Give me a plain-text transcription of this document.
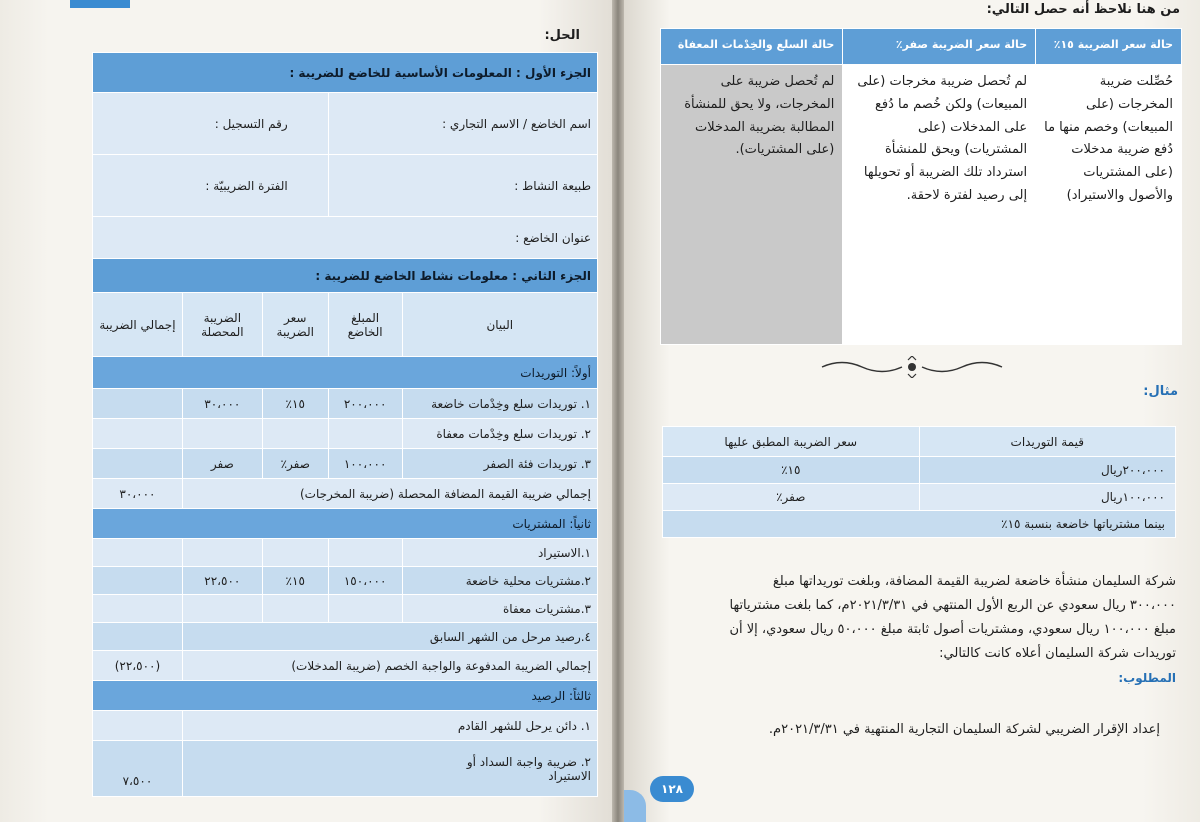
الحل:
الجزء الأول : المعلومات الأساسية للخاضع للضريبة :				
اسم الخاضع / الاسم التجاري :		رقم التسجيل :		
طبيعة النشاط :		الفترة الضريبيّة :		
عنوان الخاضع :				
الجزء الثاني : معلومات نشاط الخاضع للضريبة :				
البيان	المبلغ الخاضع	سعر الضريبة	الضريبة المحصلة	إجمالي الضريبة
أولاً: التوريدات				
١. توريدات سلع وخِدْمات خاضعة	٢٠٠،٠٠٠	١٥٪	٣٠،٠٠٠	
٢. توريدات سلع وخِدْمات معفاة				
٣. توريدات فئة الصفر	١٠٠،٠٠٠	صفر٪	صفر	
إجمالي ضريبة القيمة المضافة المحصلة (ضريبة المخرجات)				٣٠،٠٠٠
ثانياً: المشتريات				
١.الاستيراد				
٢.مشتريات محلية خاضعة	١٥٠،٠٠٠	١٥٪	٢٢،٥٠٠	
٣.مشتريات معفاة				
٤.رصيد مرحل من الشهر السابق				
إجمالي الضريبة المدفوعة والواجبة الخصم (ضريبة المدخلات)				(٢٢،٥٠٠)
ثالثاً: الرصيد				
١. دائن يرحل للشهر القادم				

٢. ضريبة واجبة السداد أو
الاستيراد				٧،٥٠٠
من هنا نلاحظ أنه حصل التالي:
حالة سعر الضريبة ١٥٪	حالة سعر الضريبة صفر٪	حالة السلع والخِدْمات المعفاة
حُصِّلت ضريبة المخرجات (على المبيعات) وخصم منها ما دُفع ضريبة مدخلات (على المشتريات والأصول والاستيراد)	لم تُحصل ضريبة مخرجات (على المبيعات) ولكن خُصم ما دُفع على المدخلات (على المشتريات) ويحق للمنشأة استرداد تلك الضريبة أو تحويلها إلى رصيد لفترة لاحقة.	لم تُحصل ضريبة على المخرجات، ولا يحق للمنشأة المطالبة بضريبة المدخلات (على المشتريات).
مثال:
قيمة التوريدات	سعر الضريبة المطبق عليها
٢٠٠،٠٠٠ريال	١٥٪
١٠٠،٠٠٠ريال	صفر٪
بينما مشترياتها خاضعة بنسبة ١٥٪	

شركة السليمان منشأة خاضعة لضريبة القيمة المضافة، وبلغت توريداتها مبلغ

٣٠٠،٠٠٠ ريال سعودي عن الربع الأول المنتهي في ٢٠٢١/٣/٣١م، كما بلغت مشترياتها

مبلغ ١٠٠،٠٠٠ ريال سعودي، ومشتريات أصول ثابتة مبلغ ٥٠،٠٠٠ ريال سعودي، إلا أن

توريدات شركة السليمان أعلاه كانت كالتالي:

المطلوب:

إعداد الإقرار الضريبي لشركة السليمان التجارية المنتهية في ٢٠٢١/٣/٣١م.
١٢٨
